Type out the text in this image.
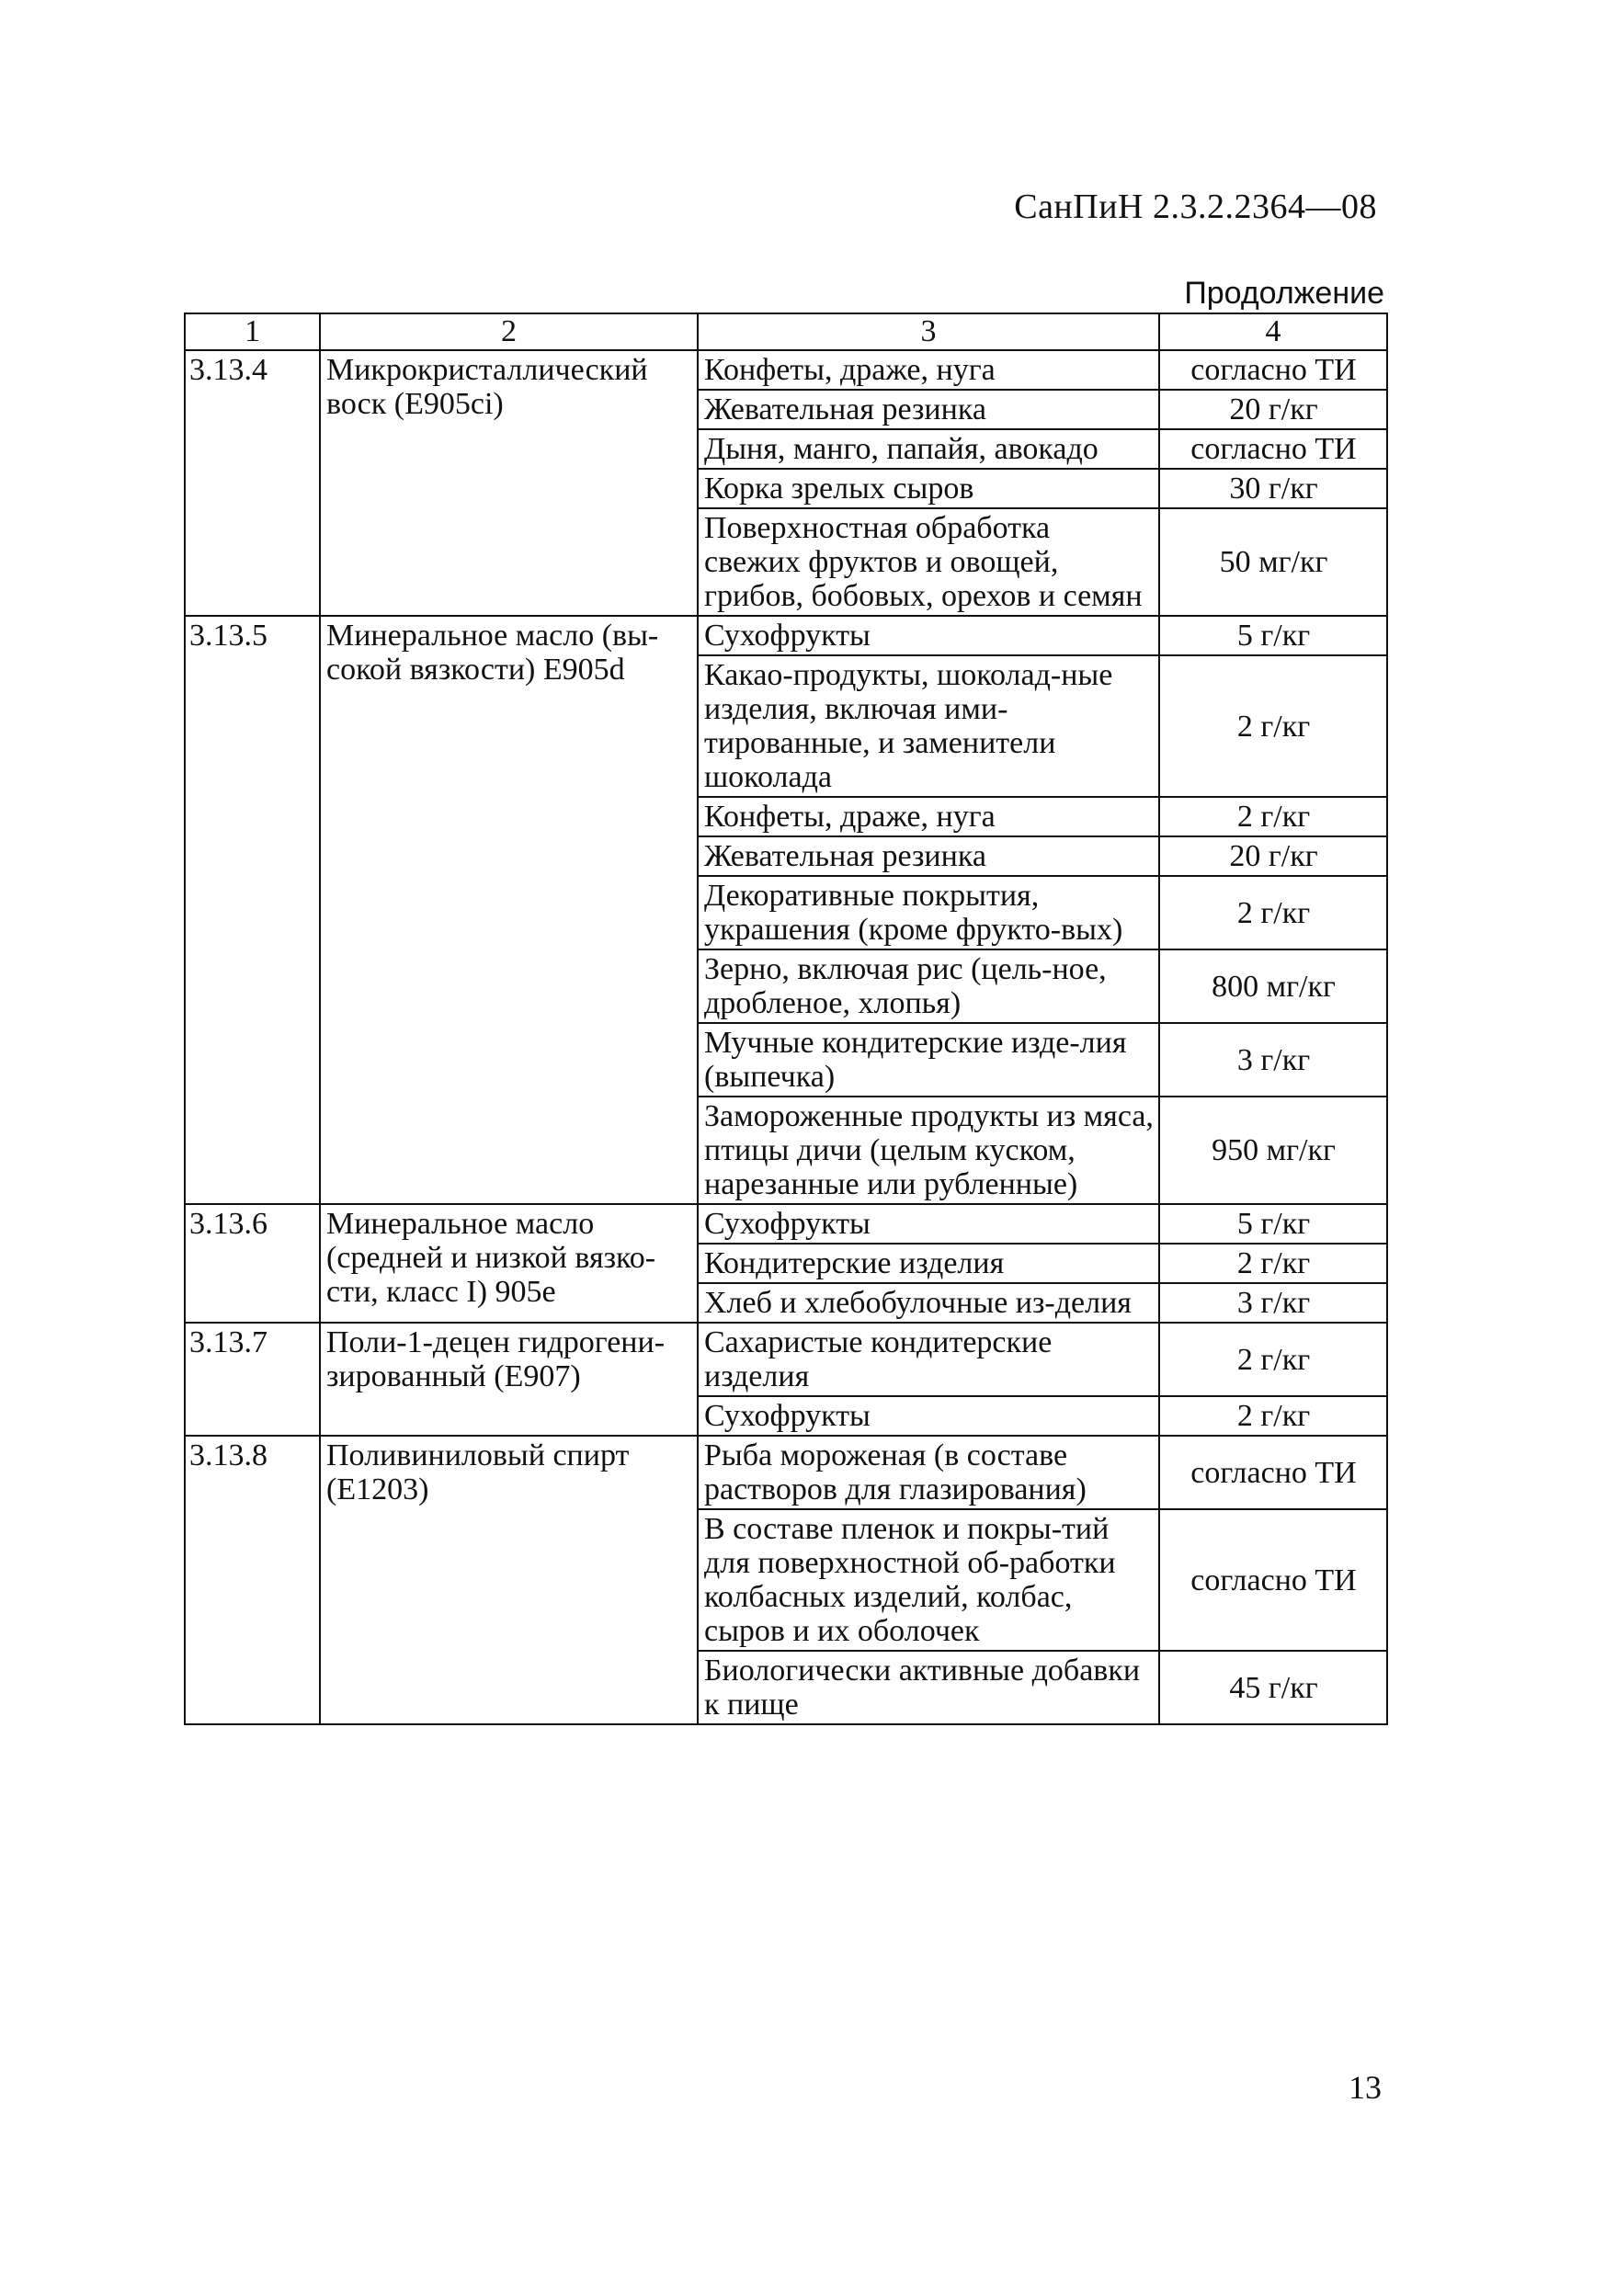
СанПиН 2.3.2.2364—08
Продолжение
1	2	3	4
3.13.4	Микрокристаллический воск (Е905сі)	Конфеты, драже, нуга	согласно ТИ
		Жевательная резинка	20 г/кг
		Дыня, манго, папайя, авокадо	согласно ТИ
		Корка зрелых сыров	30 г/кг
		Поверхностная обработка свежих фруктов и овощей, грибов, бобовых, орехов и семян	50 мг/кг
3.13.5	Минеральное масло (вы-сокой вязкости) Е905d	Сухофрукты	5 г/кг
		Какао-продукты, шоколад-ные изделия, включая ими-тированные, и заменители шоколада	2 г/кг
		Конфеты, драже, нуга	2 г/кг
		Жевательная резинка	20 г/кг
		Декоративные покрытия, украшения (кроме фрукто-вых)	2 г/кг
		Зерно, включая рис (цель-ное, дробленое, хлопья)	800 мг/кг
		Мучные кондитерские изде-лия (выпечка)	3 г/кг
		Замороженные продукты из мяса, птицы дичи (целым куском, нарезанные или рубленные)	950 мг/кг
3.13.6	Минеральное масло (средней и низкой вязко-сти, класс I) 905е	Сухофрукты	5 г/кг
		Кондитерские изделия	2 г/кг
		Хлеб и хлебобулочные из-делия	3 г/кг
3.13.7	Поли-1-децен гидрогени-зированный (Е907)	Сахаристые кондитерские изделия	2 г/кг
		Сухофрукты	2 г/кг
3.13.8	Поливиниловый спирт (Е1203)	Рыба мороженая (в составе растворов для глазирования)	согласно ТИ
		В составе пленок и покры-тий для поверхностной об-работки колбасных изделий, колбас, сыров и их оболочек	согласно ТИ
		Биологически активные добавки к пище	45 г/кг
13
